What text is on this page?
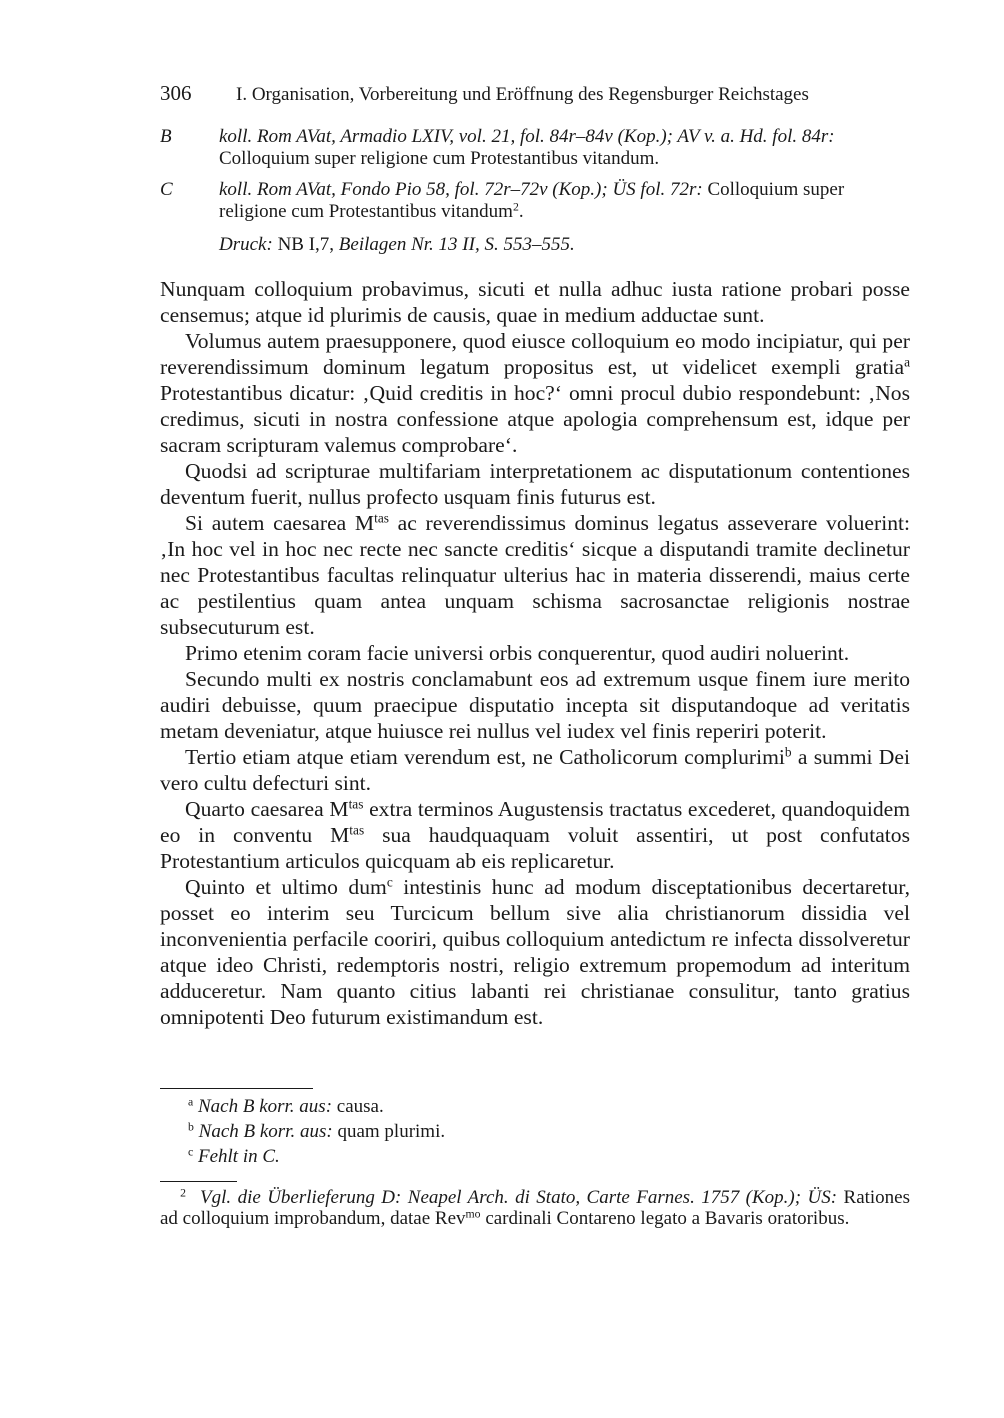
306 I. Organisation, Vorbereitung und Eröffnung des Regensburger Reichstages
B koll. Rom AVat, Armadio LXIV, vol. 21, fol. 84r–84v (Kop.); AV v. a. Hd. fol. 84r: Colloquium super religione cum Protestantibus vitandum.
C koll. Rom AVat, Fondo Pio 58, fol. 72r–72v (Kop.); ÜS fol. 72r: Colloquium super religione cum Protestantibus vitandum$^2$.
Druck: NB I,7, Beilagen Nr. 13 II, S. 553–555.

Nunquam colloquium probavimus, sicuti et nulla adhuc iusta ratione probari posse censemus; atque id plurimis de causis, quae in medium adductae sunt.

Volumus autem praesupponere, quod eiusce colloquium eo modo incipiatur, qui per reverendissimum dominum legatum propositus est, ut videlicet exempli gratia$^a$ Protestantibus dicatur: ‚Quid creditis in hoc?‘ omni procul dubio respondebunt: ‚Nos credimus, sicuti in nostra confessione atque apologia comprehensum est, idque per sacram scripturam valemus comprobare‘.

Quodsi ad scripturae multifariam interpretationem ac disputationum contentiones deventum fuerit, nullus profecto usquam finis futurus est.

Si autem caesarea $M^{tas}$ ac reverendissimus dominus legatus asseverare voluerint: ‚In hoc vel in hoc nec recte nec sancte creditis‘ sicque a disputandi tramite declinetur nec Protestantibus facultas relinquatur ulterius hac in materia disserendi, maius certe ac pestilentius quam antea unquam schisma sacrosanctae religionis nostrae subsecuturum est.

Primo etenim coram facie universi orbis conquerentur, quod audiri noluerint.

Secundo multi ex nostris conclamabunt eos ad extremum usque finem iure merito audiri debuisse, quum praecipue disputatio incepta sit disputandoque ad veritatis metam deveniatur, atque huiusce rei nullus vel iudex vel finis reperiri poterit.

Tertio etiam atque etiam verendum est, ne Catholicorum complurimi$^b$ a summi Dei vero cultu defecturi sint.

Quarto caesarea $M^{tas}$ extra terminos Augustensis tractatus excederet, quandoquidem eo in conventu $M^{tas}$ sua haudquaquam voluit assentiri, ut post confutatos Protestantium articulos quicquam ab eis replicaretur.

Quinto et ultimo dum$^c$ intestinis hunc ad modum disceptationibus decertaretur, posset eo interim seu Turcicum bellum sive alia christianorum dissidia vel inconvenientia perfacile cooriri, quibus colloquium antedictum re infecta dissolveretur atque ideo Christi, redemptoris nostri, religio extremum propemodum ad interitum adduceretur. Nam quanto citius labanti rei christianae consulitur, tanto gratius omnipotenti Deo futurum existimandum est.

$^a$ Nach B korr. aus: causa.
$^b$ Nach B korr. aus: quam plurimi.
$^c$ Fehlt in C.
$^2$ Vgl. die Überlieferung D: Neapel Arch. di Stato, Carte Farnes. 1757 (Kop.); ÜS: Rationes ad colloquium improbandum, datae Rev$^{mo}$ cardinali Contareno legato a Bavaris oratoribus.
